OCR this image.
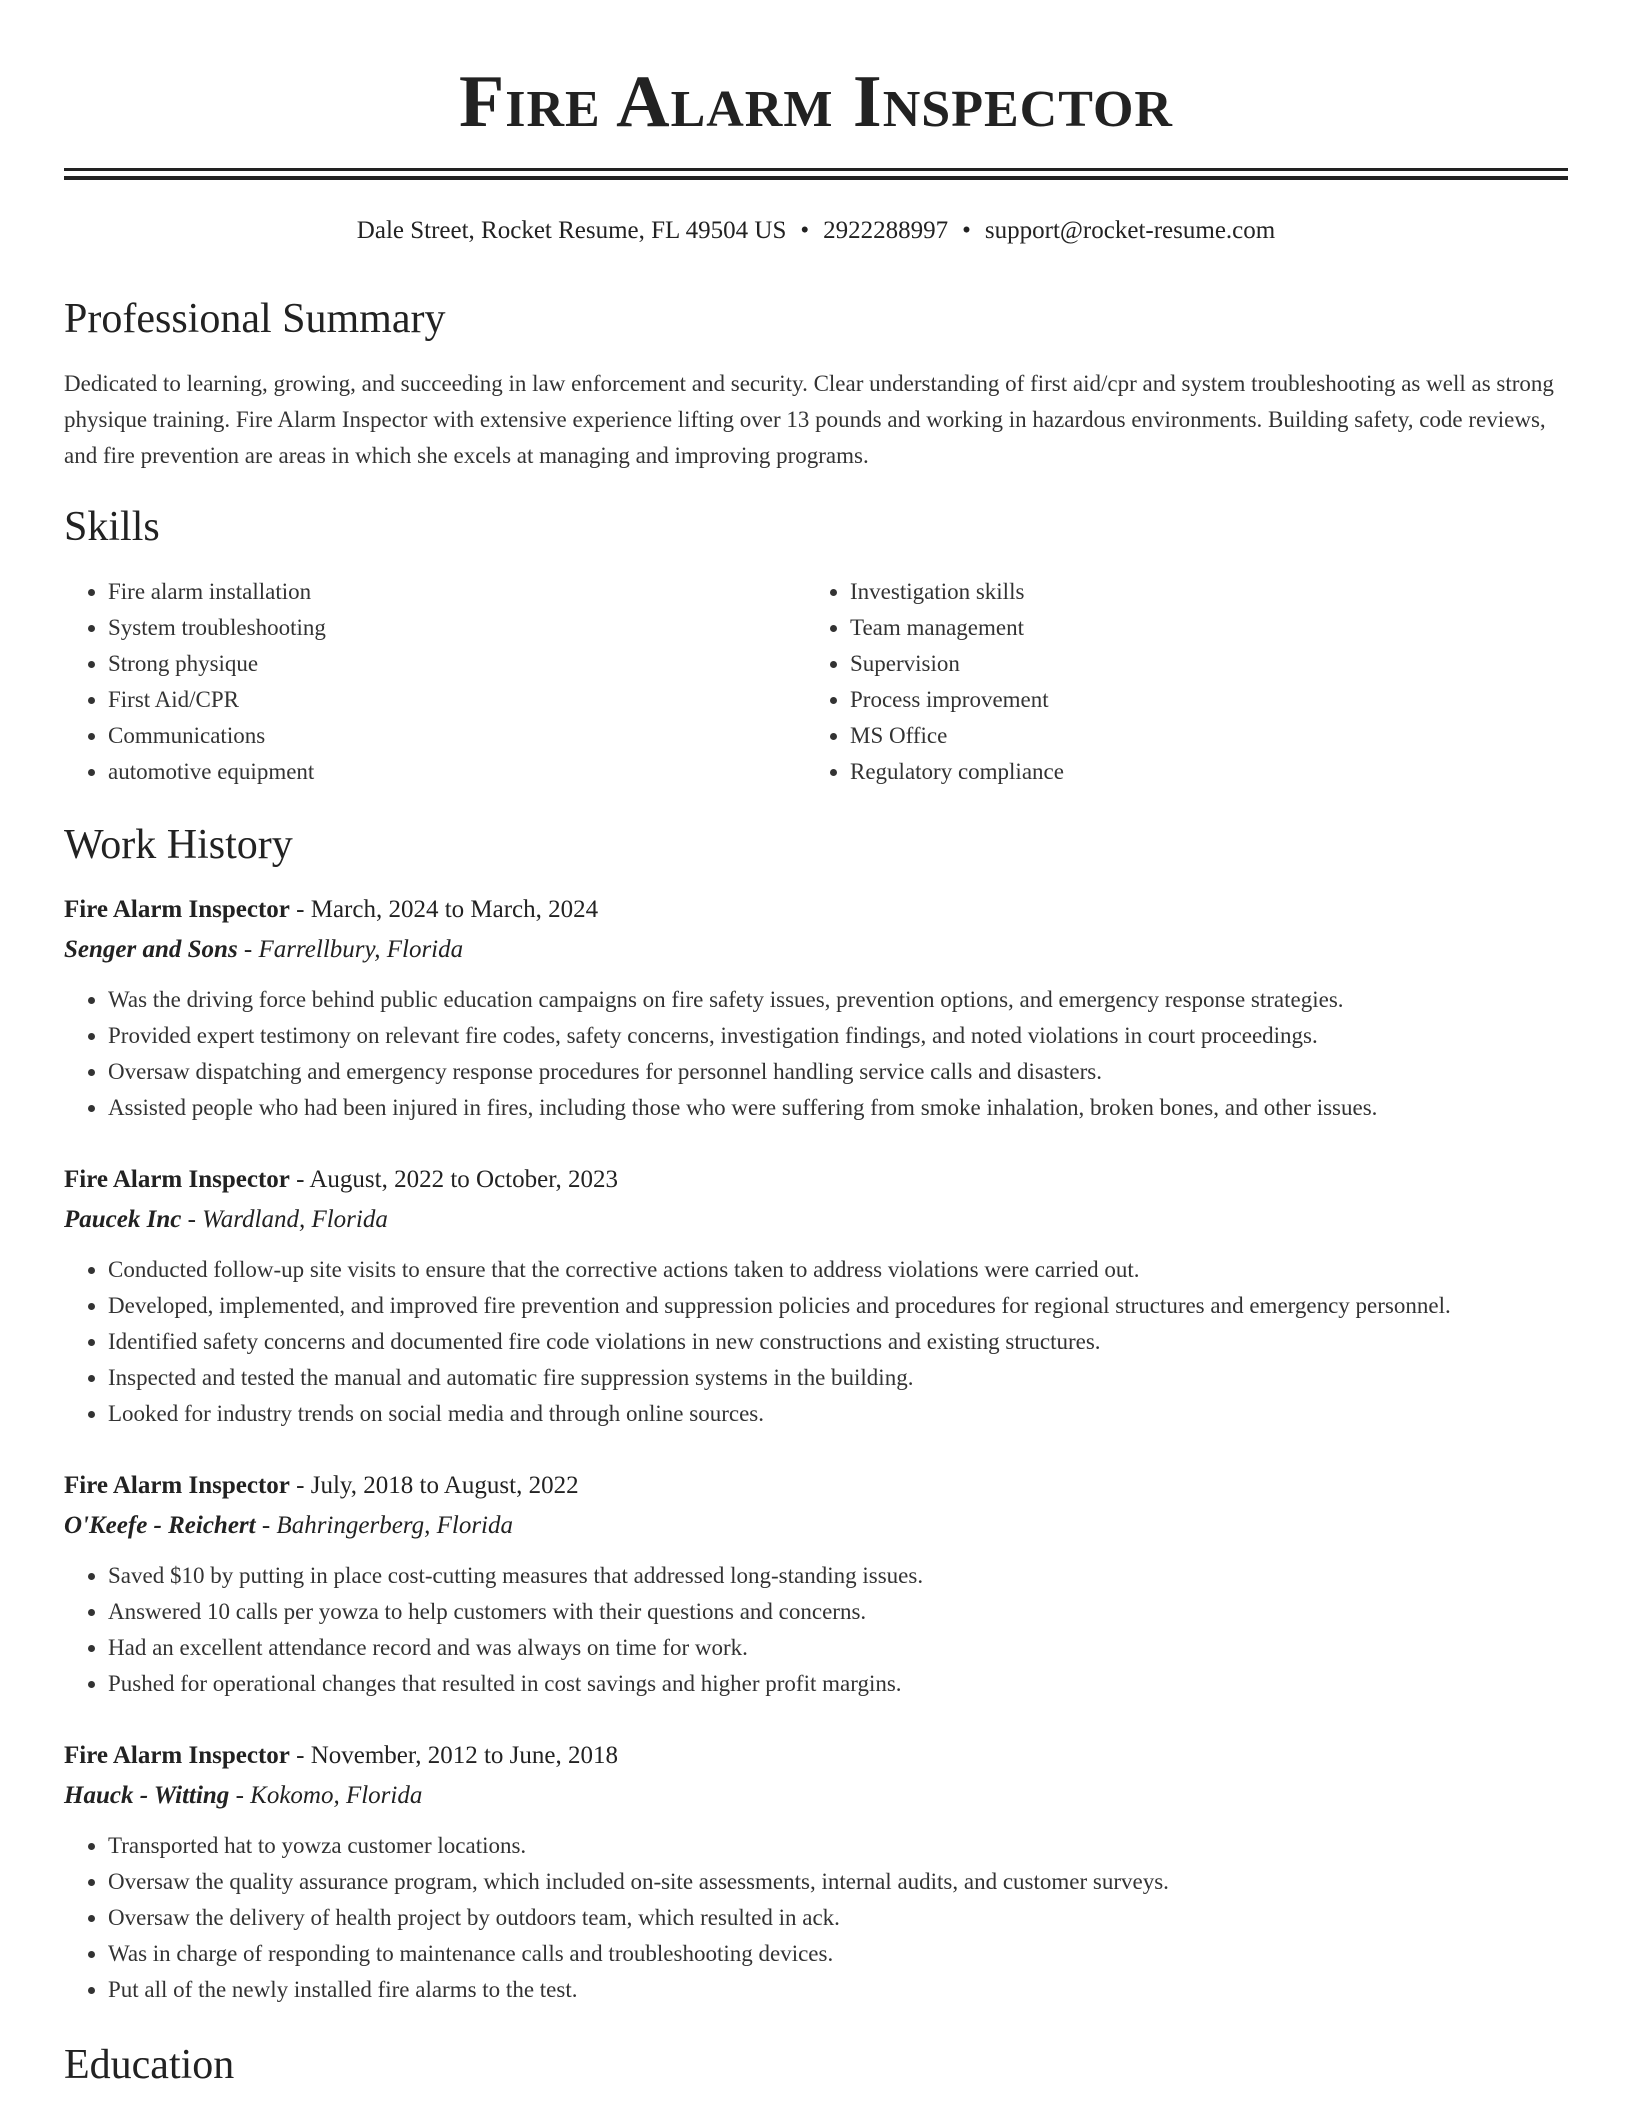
Fire Alarm Inspector
Dale Street, Rocket Resume, FL 49504 US • 2922288997 • support@rocket-resume.com
Professional Summary

Dedicated to learning, growing, and succeeding in law enforcement and security. Clear understanding of first aid/cpr and system troubleshooting as well as strong physique training. Fire Alarm Inspector with extensive experience lifting over 13 pounds and working in hazardous environments. Building safety, code reviews, and fire prevention are areas in which she excels at managing and improving programs.

Skills
• Fire alarm installation
• System troubleshooting
• Strong physique
• First Aid/CPR
• Communications
• automotive equipment
• Investigation skills
• Team management
• Supervision
• Process improvement
• MS Office
• Regulatory compliance
Work History
Fire Alarm Inspector - March, 2024 to March, 2024
Senger and Sons - Farrellbury, Florida
• Was the driving force behind public education campaigns on fire safety issues, prevention options, and emergency response strategies.
• Provided expert testimony on relevant fire codes, safety concerns, investigation findings, and noted violations in court proceedings.
• Oversaw dispatching and emergency response procedures for personnel handling service calls and disasters.
• Assisted people who had been injured in fires, including those who were suffering from smoke inhalation, broken bones, and other issues.
Fire Alarm Inspector - August, 2022 to October, 2023
Paucek Inc - Wardland, Florida
• Conducted follow-up site visits to ensure that the corrective actions taken to address violations were carried out.
• Developed, implemented, and improved fire prevention and suppression policies and procedures for regional structures and emergency personnel.
• Identified safety concerns and documented fire code violations in new constructions and existing structures.
• Inspected and tested the manual and automatic fire suppression systems in the building.
• Looked for industry trends on social media and through online sources.
Fire Alarm Inspector - July, 2018 to August, 2022
O'Keefe - Reichert - Bahringerberg, Florida
• Saved $10 by putting in place cost-cutting measures that addressed long-standing issues.
• Answered 10 calls per yowza to help customers with their questions and concerns.
• Had an excellent attendance record and was always on time for work.
• Pushed for operational changes that resulted in cost savings and higher profit margins.
Fire Alarm Inspector - November, 2012 to June, 2018
Hauck - Witting - Kokomo, Florida
• Transported hat to yowza customer locations.
• Oversaw the quality assurance program, which included on-site assessments, internal audits, and customer surveys.
• Oversaw the delivery of health project by outdoors team, which resulted in ack.
• Was in charge of responding to maintenance calls and troubleshooting devices.
• Put all of the newly installed fire alarms to the test.
Education
